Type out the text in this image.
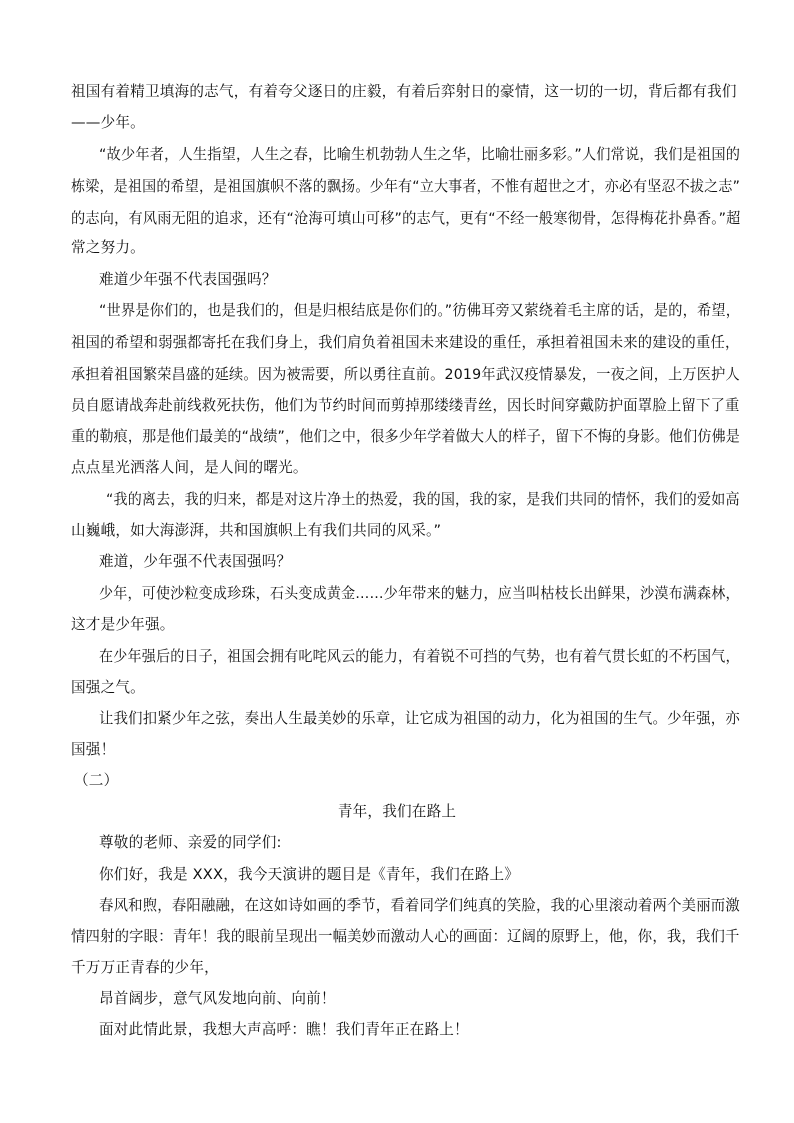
祖国有着精卫填海的志气，有着夸父逐日的庄毅，有着后弈射日的豪情，这一切的一切，背后都有我们
——少年。
“故少年者，人生指望，人生之春，比喻生机勃勃人生之华，比喻壮丽多彩。”人们常说，我们是祖国的
栋梁，是祖国的希望，是祖国旗帜不落的飘扬。少年有“立大事者，不惟有超世之才，亦必有坚忍不拔之志”
的志向，有风雨无阻的追求，还有“沧海可填山可移”的志气，更有“不经一般寒彻骨，怎得梅花扑鼻香。”超
常之努力。
难道少年强不代表国强吗？
“世界是你们的，也是我们的，但是归根结底是你们的。”彷佛耳旁又萦绕着毛主席的话，是的，希望，
祖国的希望和弱强都寄托在我们身上，我们肩负着祖国未来建设的重任，承担着祖国未来的建设的重任，
承担着祖国繁荣昌盛的延续。因为被需要，所以勇往直前。2019年武汉疫情暴发，一夜之间，上万医护人
员自愿请战奔赴前线救死扶伤，他们为节约时间而剪掉那缕缕青丝，因长时间穿戴防护面罩脸上留下了重
重的勒痕，那是他们最美的“战绩”，他们之中，很多少年学着做大人的样子，留下不悔的身影。他们仿佛是
点点星光洒落人间，是人间的曙光。
“我的离去，我的归来，都是对这片净土的热爱，我的国，我的家，是我们共同的情怀，我们的爱如高
山巍峨，如大海澎湃，共和国旗帜上有我们共同的风采。”
难道，少年强不代表国强吗？
少年，可使沙粒变成珍珠，石头变成黄金……少年带来的魅力，应当叫枯枝长出鲜果，沙漠布满森林，
这才是少年强。
在少年强后的日子，祖国会拥有叱咤风云的能力，有着锐不可挡的气势，也有着气贯长虹的不朽国气，
国强之气。
让我们扣紧少年之弦，奏出人生最美妙的乐章，让它成为祖国的动力，化为祖国的生气。少年强，亦
国强！
（二）
青年，我们在路上
尊敬的老师、亲爱的同学们:
你们好，我是 XXX，我今天演讲的题目是《青年，我们在路上》
春风和煦，春阳融融，在这如诗如画的季节，看着同学们纯真的笑脸，我的心里滚动着两个美丽而激
情四射的字眼：青年！我的眼前呈现出一幅美妙而激动人心的画面：辽阔的原野上，他，你，我，我们千
千万万正青春的少年，
昂首阔步，意气风发地向前、向前！
面对此情此景，我想大声高呼：瞧！我们青年正在路上！
